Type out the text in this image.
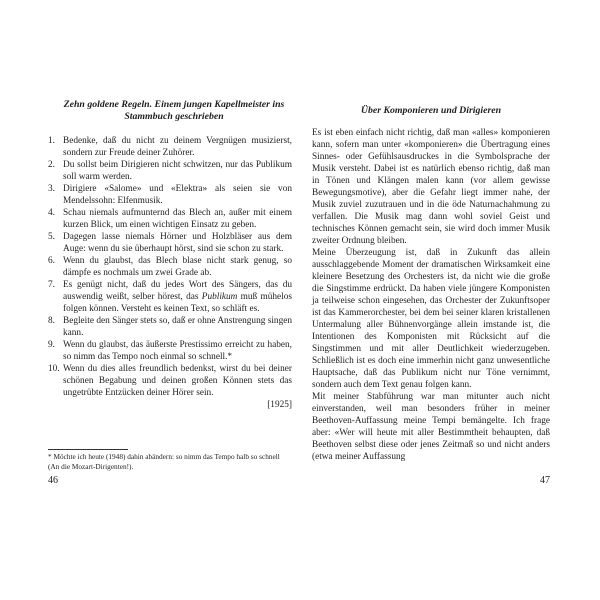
Zehn goldene Regeln. Einem jungen Kapellmeister ins Stammbuch geschrieben
1. Bedenke, daß du nicht zu deinem Vergnügen musizierst, sondern zur Freude deiner Zuhörer.
2. Du sollst beim Dirigieren nicht schwitzen, nur das Publikum soll warm werden.
3. Dirigiere «Salome» und «Elektra» als seien sie von Mendelssohn: Elfenmusik.
4. Schau niemals aufmunternd das Blech an, außer mit einem kurzen Blick, um einen wichtigen Einsatz zu geben.
5. Dagegen lasse niemals Hörner und Holzbläser aus dem Auge: wenn du sie überhaupt hörst, sind sie schon zu stark.
6. Wenn du glaubst, das Blech blase nicht stark genug, so dämpfe es nochmals um zwei Grade ab.
7. Es genügt nicht, daß du jedes Wort des Sängers, das du auswendig weißt, selber hörest, das Publikum muß mühelos folgen können. Versteht es keinen Text, so schläft es.
8. Begleite den Sänger stets so, daß er ohne Anstrengung singen kann.
9. Wenn du glaubst, das äußerste Prestissimo erreicht zu haben, so nimm das Tempo noch einmal so schnell.*
10. Wenn du dies alles freundlich bedenkst, wirst du bei deiner schönen Begabung und deinen großen Können stets das ungetrübte Entzücken deiner Hörer sein.
[1925]

* Möchte ich heute (1948) dahin abändern: so nimm das Tempo halb so schnell (An die Mozart-Dirigenten!).

46
Über Komponieren und Dirigieren

Es ist eben einfach nicht richtig, daß man «alles» komponieren kann, sofern man unter «komponieren» die Übertragung eines Sinnes- oder Gefühlsausdruckes in die Symbolsprache der Musik versteht. Dabei ist es natürlich ebenso richtig, daß man in Tönen und Klängen malen kann (vor allem gewisse Bewegungsmotive), aber die Gefahr liegt immer nahe, der Musik zuviel zuzutrauen und in die öde Naturnachahmung zu verfallen. Die Musik mag dann wohl soviel Geist und technisches Können gemacht sein, sie wird doch immer Musik zweiter Ordnung bleiben.

Meine Überzeugung ist, daß in Zukunft das allein ausschlaggebende Moment der dramatischen Wirksamkeit eine kleinere Besetzung des Orchesters ist, da nicht wie die große die Singstimme erdrückt. Da haben viele jüngere Komponisten ja teilweise schon eingesehen, das Orchester der Zukunftsoper ist das Kammerorchester, bei dem bei seiner klaren kristallenen Untermalung aller Bühnenvorgänge allein imstande ist, die Intentionen des Komponisten mit Rücksicht auf die Singstimmen und mit aller Deutlichkeit wiederzugeben. Schließlich ist es doch eine immerhin nicht ganz unwesentliche Hauptsache, daß das Publikum nicht nur Töne vernimmt, sondern auch dem Text genau folgen kann.

Mit meiner Stabführung war man mitunter auch nicht einverstanden, weil man besonders früher in meiner Beethoven-Auffassung meine Tempi bemängelte. Ich frage aber: «Wer will heute mit aller Bestimmtheit behaupten, daß Beethoven selbst diese oder jenes Zeitmaß so und nicht anders (etwa meiner Auffassung

47
